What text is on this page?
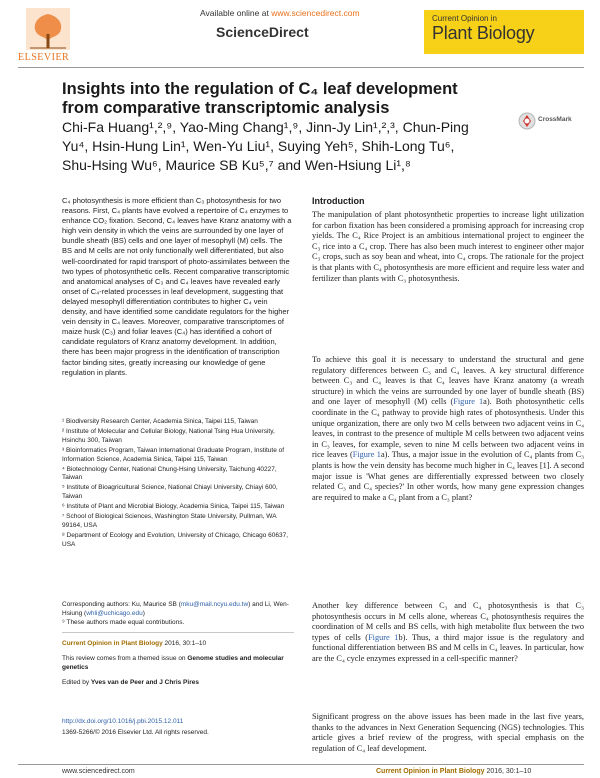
ELSEVIER
Available online at www.sciencedirect.com
ScienceDirect
Current Opinion in
Plant Biology
Insights into the regulation of C₄ leaf development from comparative transcriptomic analysis
Chi-Fa Huang¹,²,⁹, Yao-Ming Chang¹,⁹, Jinn-Jy Lin¹,²,³, Chun-Ping Yu⁴, Hsin-Hung Lin¹, Wen-Yu Liu¹, Suying Yeh⁵, Shih-Long Tu⁶, Shu-Hsing Wu⁶, Maurice SB Ku⁵,⁷ and Wen-Hsiung Li¹,⁸
CrossMark

C₄ photosynthesis is more efficient than C₃ photosynthesis for two reasons. First, C₄ plants have evolved a repertoire of C₄ enzymes to enhance CO₂ fixation. Second, C₄ leaves have Kranz anatomy with a high vein density in which the veins are surrounded by one layer of bundle sheath (BS) cells and one layer of mesophyll (M) cells. The BS and M cells are not only functionally well differentiated, but also well-coordinated for rapid transport of photo-assimilates between the two types of photosynthetic cells. Recent comparative transcriptomic and anatomical analyses of C₃ and C₄ leaves have revealed early onset of C₄-related processes in leaf development, suggesting that delayed mesophyll differentiation contributes to higher C₄ vein density, and have identified some candidate regulators for the higher vein density in C₄ leaves. Moreover, comparative transcriptomes of maize husk (C₃) and foliar leaves (C₄) has identified a cohort of candidate regulators of Kranz anatomy development. In addition, there has been major progress in the identification of transcription factor binding sites, greatly increasing our knowledge of gene regulation in plants.

¹ Biodiversity Research Center, Academia Sinica, Taipei 115, Taiwan

² Institute of Molecular and Cellular Biology, National Tsing Hua University, Hsinchu 300, Taiwan

³ Bioinformatics Program, Taiwan International Graduate Program, Institute of Information Science, Academia Sinica, Taipei 115, Taiwan

⁴ Biotechnology Center, National Chung-Hsing University, Taichung 40227, Taiwan

⁵ Institute of Bioagricultural Science, National Chiayi University, Chiayi 600, Taiwan

⁶ Institute of Plant and Microbial Biology, Academia Sinica, Taipei 115, Taiwan

⁷ School of Biological Sciences, Washington State University, Pullman, WA 99164, USA

⁸ Department of Ecology and Evolution, University of Chicago, Chicago 60637, USA

Corresponding authors: Ku, Maurice SB (mku@mail.ncyu.edu.tw) and Li, Wen-Hsiung (whli@uchicago.edu)
⁹ These authors made equal contributions.

Current Opinion in Plant Biology 2016, 30:1–10

This review comes from a themed issue on Genome studies and molecular genetics

Edited by Yves van de Peer and J Chris Pires

http://dx.doi.org/10.1016/j.pbi.2015.12.011

1369-5266/© 2016 Elsevier Ltd. All rights reserved.

Introduction

The manipulation of plant photosynthetic properties to increase light utilization for carbon fixation has been considered a promising approach for increasing crop yields. The C₄ Rice Project is an ambitious international project to engineer the C₃ rice into a C₄ crop. There has also been much interest to engineer other major C₃ crops, such as soy bean and wheat, into C₄ crops. The rationale for the project is that plants with C₄ photosynthesis are more efficient and require less water and fertilizer than plants with C₃ photosynthesis.

To achieve this goal it is necessary to understand the structural and gene regulatory differences between C₃ and C₄ leaves. A key structural difference between C₃ and C₄ leaves is that C₄ leaves have Kranz anatomy (a wreath structure) in which the veins are surrounded by one layer of bundle sheath (BS) and one layer of mesophyll (M) cells (Figure 1a). Both photosynthetic cells coordinate in the C₄ pathway to provide high rates of photosynthesis. Under this unique organization, there are only two M cells between two adjacent veins in C₄ leaves, in contrast to the presence of multiple M cells between two adjacent veins in C₃ leaves, for example, seven to nine M cells between two adjacent veins in rice leaves (Figure 1a). Thus, a major issue in the evolution of C₄ plants from C₃ plants is how the vein density has become much higher in C₄ leaves [1]. A second major issue is 'What genes are differentially expressed between two closely related C₃ and C₄ species?' In other words, how many gene expression changes are required to make a C₄ plant from a C₃ plant?

Another key difference between C₃ and C₄ photosynthesis is that C₃ photosynthesis occurs in M cells alone, whereas C₄ photosynthesis requires the coordination of M cells and BS cells, with high metabolite flux between the two types of cells (Figure 1b). Thus, a third major issue is the regulatory and functional differentiation between BS and M cells in C₄ leaves. In particular, how are the C₄ cycle enzymes expressed in a cell-specific manner?

Significant progress on the above issues has been made in the last five years, thanks to the advances in Next Generation Sequencing (NGS) technologies. This article gives a brief review of the progress, with special emphasis on the regulation of C₄ leaf development.

www.sciencedirect.com	Current Opinion in Plant Biology 2016, 30:1–10
